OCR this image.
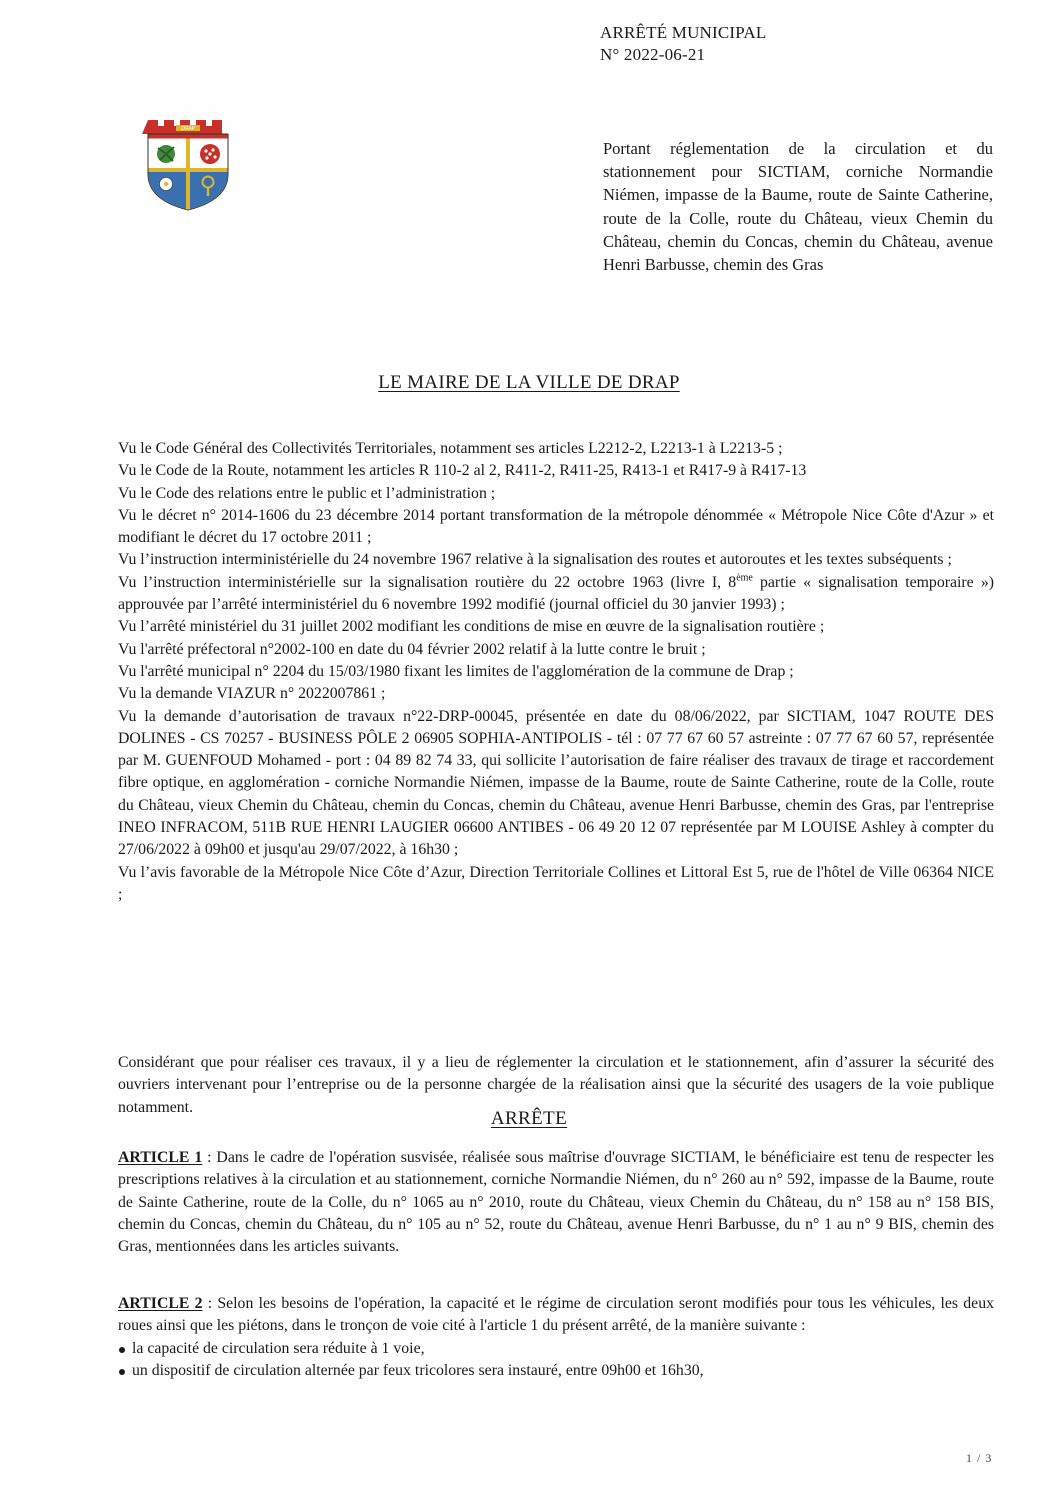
ARRÊTÉ MUNICIPAL
N° 2022-06-21
DRAP
Portant réglementation de la circulation et du stationnement pour SICTIAM, corniche Normandie Niémen, impasse de la Baume, route de Sainte Catherine, route de la Colle, route du Château, vieux Chemin du Château, chemin du Concas, chemin du Château, avenue Henri Barbusse, chemin des Gras
LE MAIRE DE LA VILLE DE DRAP

Vu le Code Général des Collectivités Territoriales, notamment ses articles L2212-2, L2213-1 à L2213-5 ;

Vu le Code de la Route, notamment les articles R 110-2 al 2, R411-2, R411-25, R413-1 et R417-9 à R417-13

Vu le Code des relations entre le public et l’administration ;

Vu le décret n° 2014-1606 du 23 décembre 2014 portant transformation de la métropole dénommée « Métropole Nice Côte d'Azur » et modifiant le décret du 17 octobre 2011 ;

Vu l’instruction interministérielle du 24 novembre 1967 relative à la signalisation des routes et autoroutes et les textes subséquents ;

Vu l’instruction interministérielle sur la signalisation routière du 22 octobre 1963 (livre I, 8ème partie « signalisation temporaire ») approuvée par l’arrêté interministériel du 6 novembre 1992 modifié (journal officiel du 30 janvier 1993) ;

Vu l’arrêté ministériel du 31 juillet 2002 modifiant les conditions de mise en œuvre de la signalisation routière ;

Vu l'arrêté préfectoral n°2002-100 en date du 04 février 2002 relatif à la lutte contre le bruit ;

Vu l'arrêté municipal n° 2204 du 15/03/1980 fixant les limites de l'agglomération de la commune de Drap ;

Vu la demande VIAZUR n° 2022007861 ;

Vu la demande d’autorisation de travaux n°22-DRP-00045, présentée en date du 08/06/2022, par SICTIAM, 1047 ROUTE DES DOLINES - CS 70257 - BUSINESS PÔLE 2 06905 SOPHIA-ANTIPOLIS - tél : 07 77 67 60 57 astreinte : 07 77 67 60 57, représentée par M. GUENFOUD Mohamed - port : 04 89 82 74 33, qui sollicite l’autorisation de faire réaliser des travaux de tirage et raccordement fibre optique, en agglomération - corniche Normandie Niémen, impasse de la Baume, route de Sainte Catherine, route de la Colle, route du Château, vieux Chemin du Château, chemin du Concas, chemin du Château, avenue Henri Barbusse, chemin des Gras, par l'entreprise INEO INFRACOM, 511B RUE HENRI LAUGIER 06600 ANTIBES - 06 49 20 12 07 représentée par M LOUISE Ashley à compter du 27/06/2022 à 09h00 et jusqu'au 29/07/2022, à 16h30 ;

Vu l’avis favorable de la Métropole Nice Côte d’Azur, Direction Territoriale Collines et Littoral Est 5, rue de l'hôtel de Ville 06364 NICE ;

Considérant que pour réaliser ces travaux, il y a lieu de réglementer la circulation et le stationnement, afin d’assurer la sécurité des ouvriers intervenant pour l’entreprise ou de la personne chargée de la réalisation ainsi que la sécurité des usagers de la voie publique notamment.
ARRÊTE
ARTICLE 1 : Dans le cadre de l'opération susvisée, réalisée sous maîtrise d'ouvrage SICTIAM, le bénéficiaire est tenu de respecter les prescriptions relatives à la circulation et au stationnement, corniche Normandie Niémen, du n° 260 au n° 592, impasse de la Baume, route de Sainte Catherine, route de la Colle, du n° 1065 au n° 2010, route du Château, vieux Chemin du Château, du n° 158 au n° 158 BIS, chemin du Concas, chemin du Château, du n° 105 au n° 52, route du Château, avenue Henri Barbusse, du n° 1 au n° 9 BIS, chemin des Gras, mentionnées dans les articles suivants.
ARTICLE 2 : Selon les besoins de l'opération, la capacité et le régime de circulation seront modifiés pour tous les véhicules, les deux roues ainsi que les piétons, dans le tronçon de voie cité à l'article 1 du présent arrêté, de la manière suivante :
la capacité de circulation sera réduite à 1 voie,
un dispositif de circulation alternée par feux tricolores sera instauré, entre 09h00 et 16h30,
1 / 3
